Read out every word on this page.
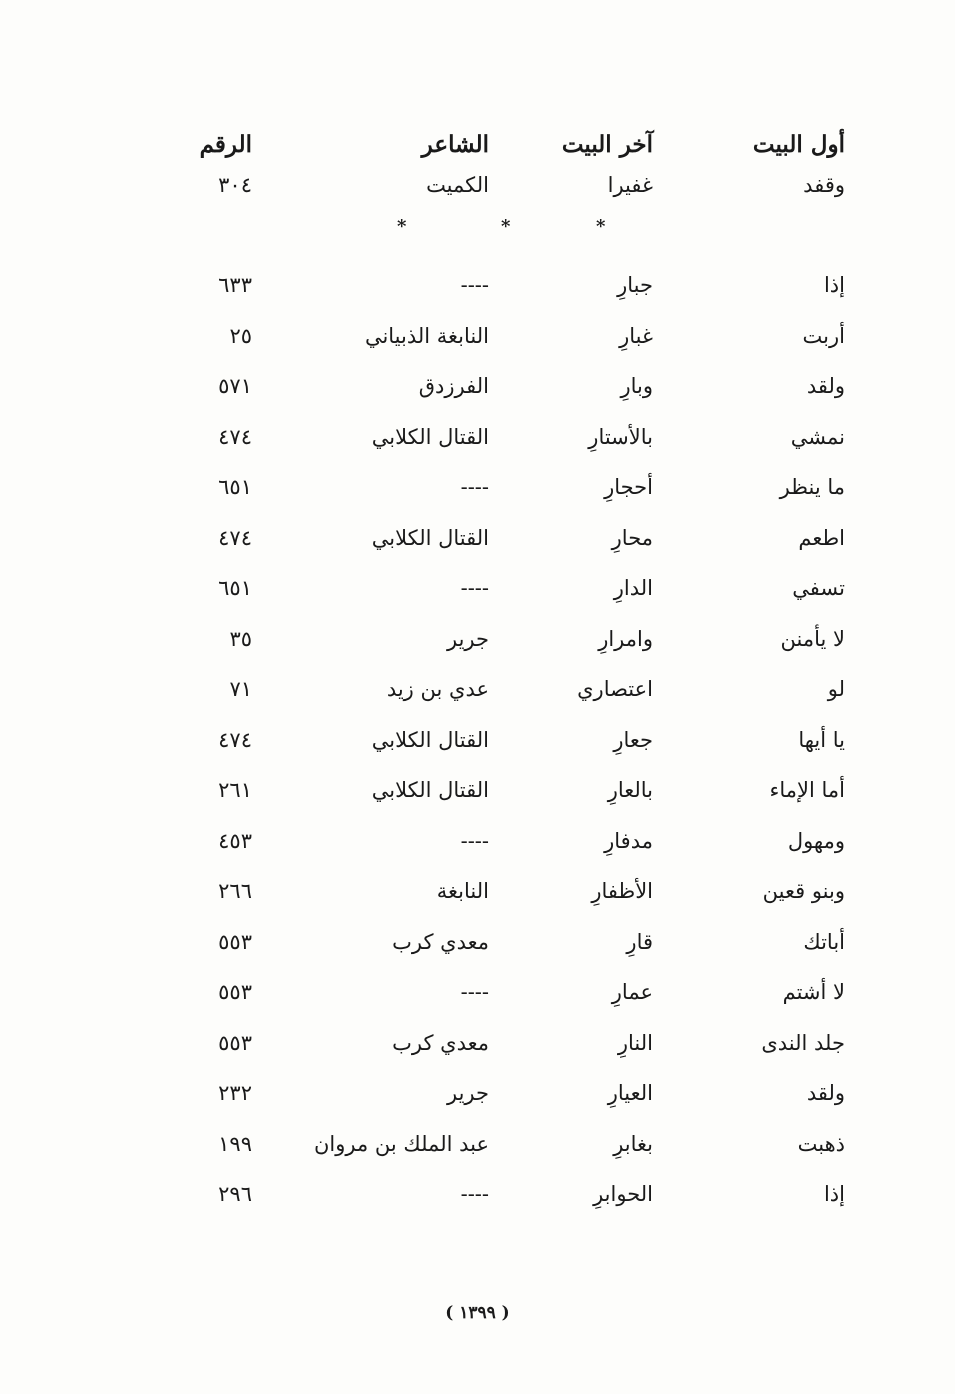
أول البيت
آخر البيت
الشاعر
الرقم
وقفد
غفيرا
الكميت
٣٠٤
*
*
*
إذا
جبارِ
----
٦٣٣
أربت
غبارِ
النابغة الذبياني
٢٥
ولقد
وبارِ
الفرزدق
٥٧١
نمشي
بالأستارِ
القتال الكلابي
٤٧٤
ما ينظر
أحجارِ
----
٦٥١
اطعم
محارِ
القتال الكلابي
٤٧٤
تسفي
الدارِ
----
٦٥١
لا يأمنن
وامرارِ
جرير
٣٥
لو
اعتصاري
عدي بن زيد
٧١
يا أيها
جعارِ
القتال الكلابي
٤٧٤
أما الإماء
بالعارِ
القتال الكلابي
٢٦١
ومهول
مدفارِ
----
٤٥٣
وبنو قعين
الأظفارِ
النابغة
٢٦٦
أباتك
قارِ
معدي كرب
٥٥٣
لا أشتم
عمارِ
----
٥٥٣
جلد الندى
النارِ
معدي كرب
٥٥٣
ولقد
العيارِ
جرير
٢٣٢
ذهبت
بغابرِ
عبد الملك بن مروان
١٩٩
إذا
الحوابرِ
----
٢٩٦
( ١٣٩٩ )
